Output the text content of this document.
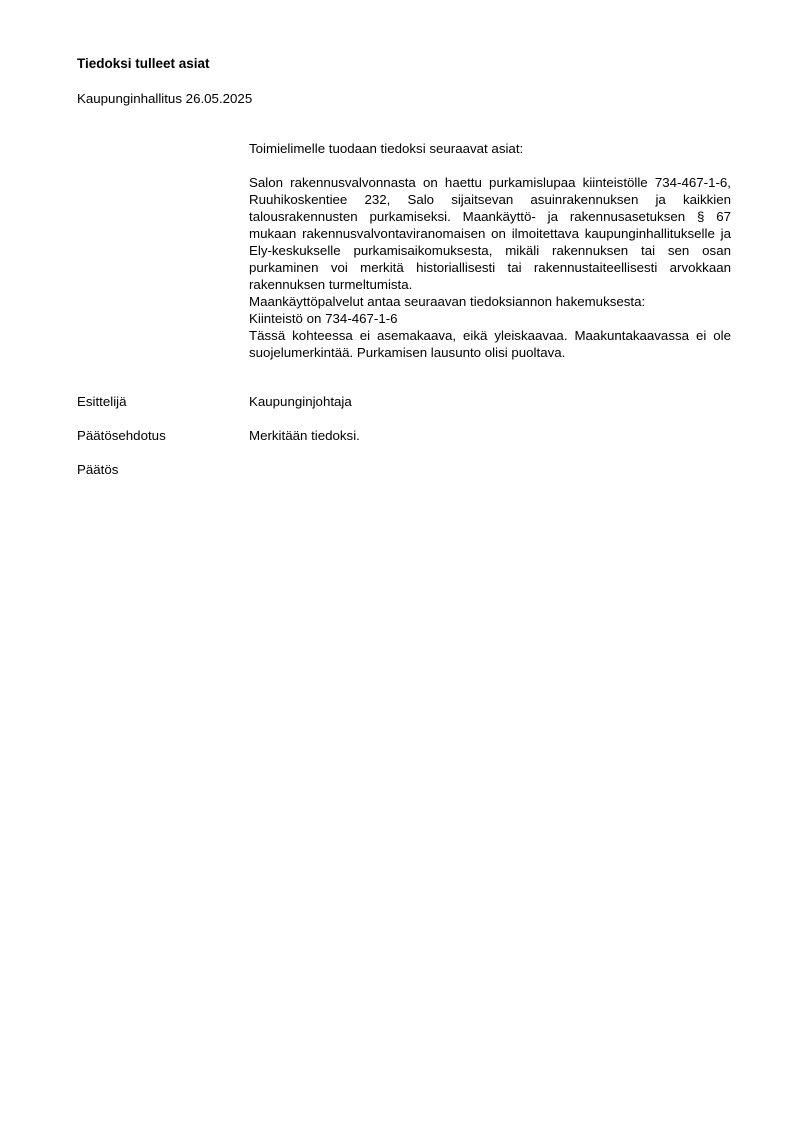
Tiedoksi tulleet asiat
Kaupunginhallitus 26.05.2025
Toimielimelle tuodaan tiedoksi seuraavat asiat:

Salon rakennusvalvonnasta on haettu purkamislupaa kiinteistölle 734-467-1-6, Ruuhikoskentiee 232, Salo sijaitsevan asuinrakennuksen ja kaikkien talousrakennusten purkamiseksi. Maankäyttö- ja rakennusasetuksen § 67 mukaan rakennusvalvontaviranomaisen on ilmoitettava kaupunginhallitukselle ja Ely-keskukselle purkamisaikomuksesta, mikäli rakennuksen tai sen osan purkaminen voi merkitä historiallisesti tai rakennustaiteellisesti arvokkaan rakennuksen turmeltumista.

Maankäyttöpalvelut antaa seuraavan tiedoksiannon hakemuksesta:

Kiinteistö on 734-467-1-6

Tässä kohteessa ei asemakaava, eikä yleiskaavaa. Maakuntakaavassa ei ole suojelumerkintää. Purkamisen lausunto olisi puoltava.

Esittelijä	Kaupunginjohtaja
Päätösehdotus	Merkitään tiedoksi.
Päätös
